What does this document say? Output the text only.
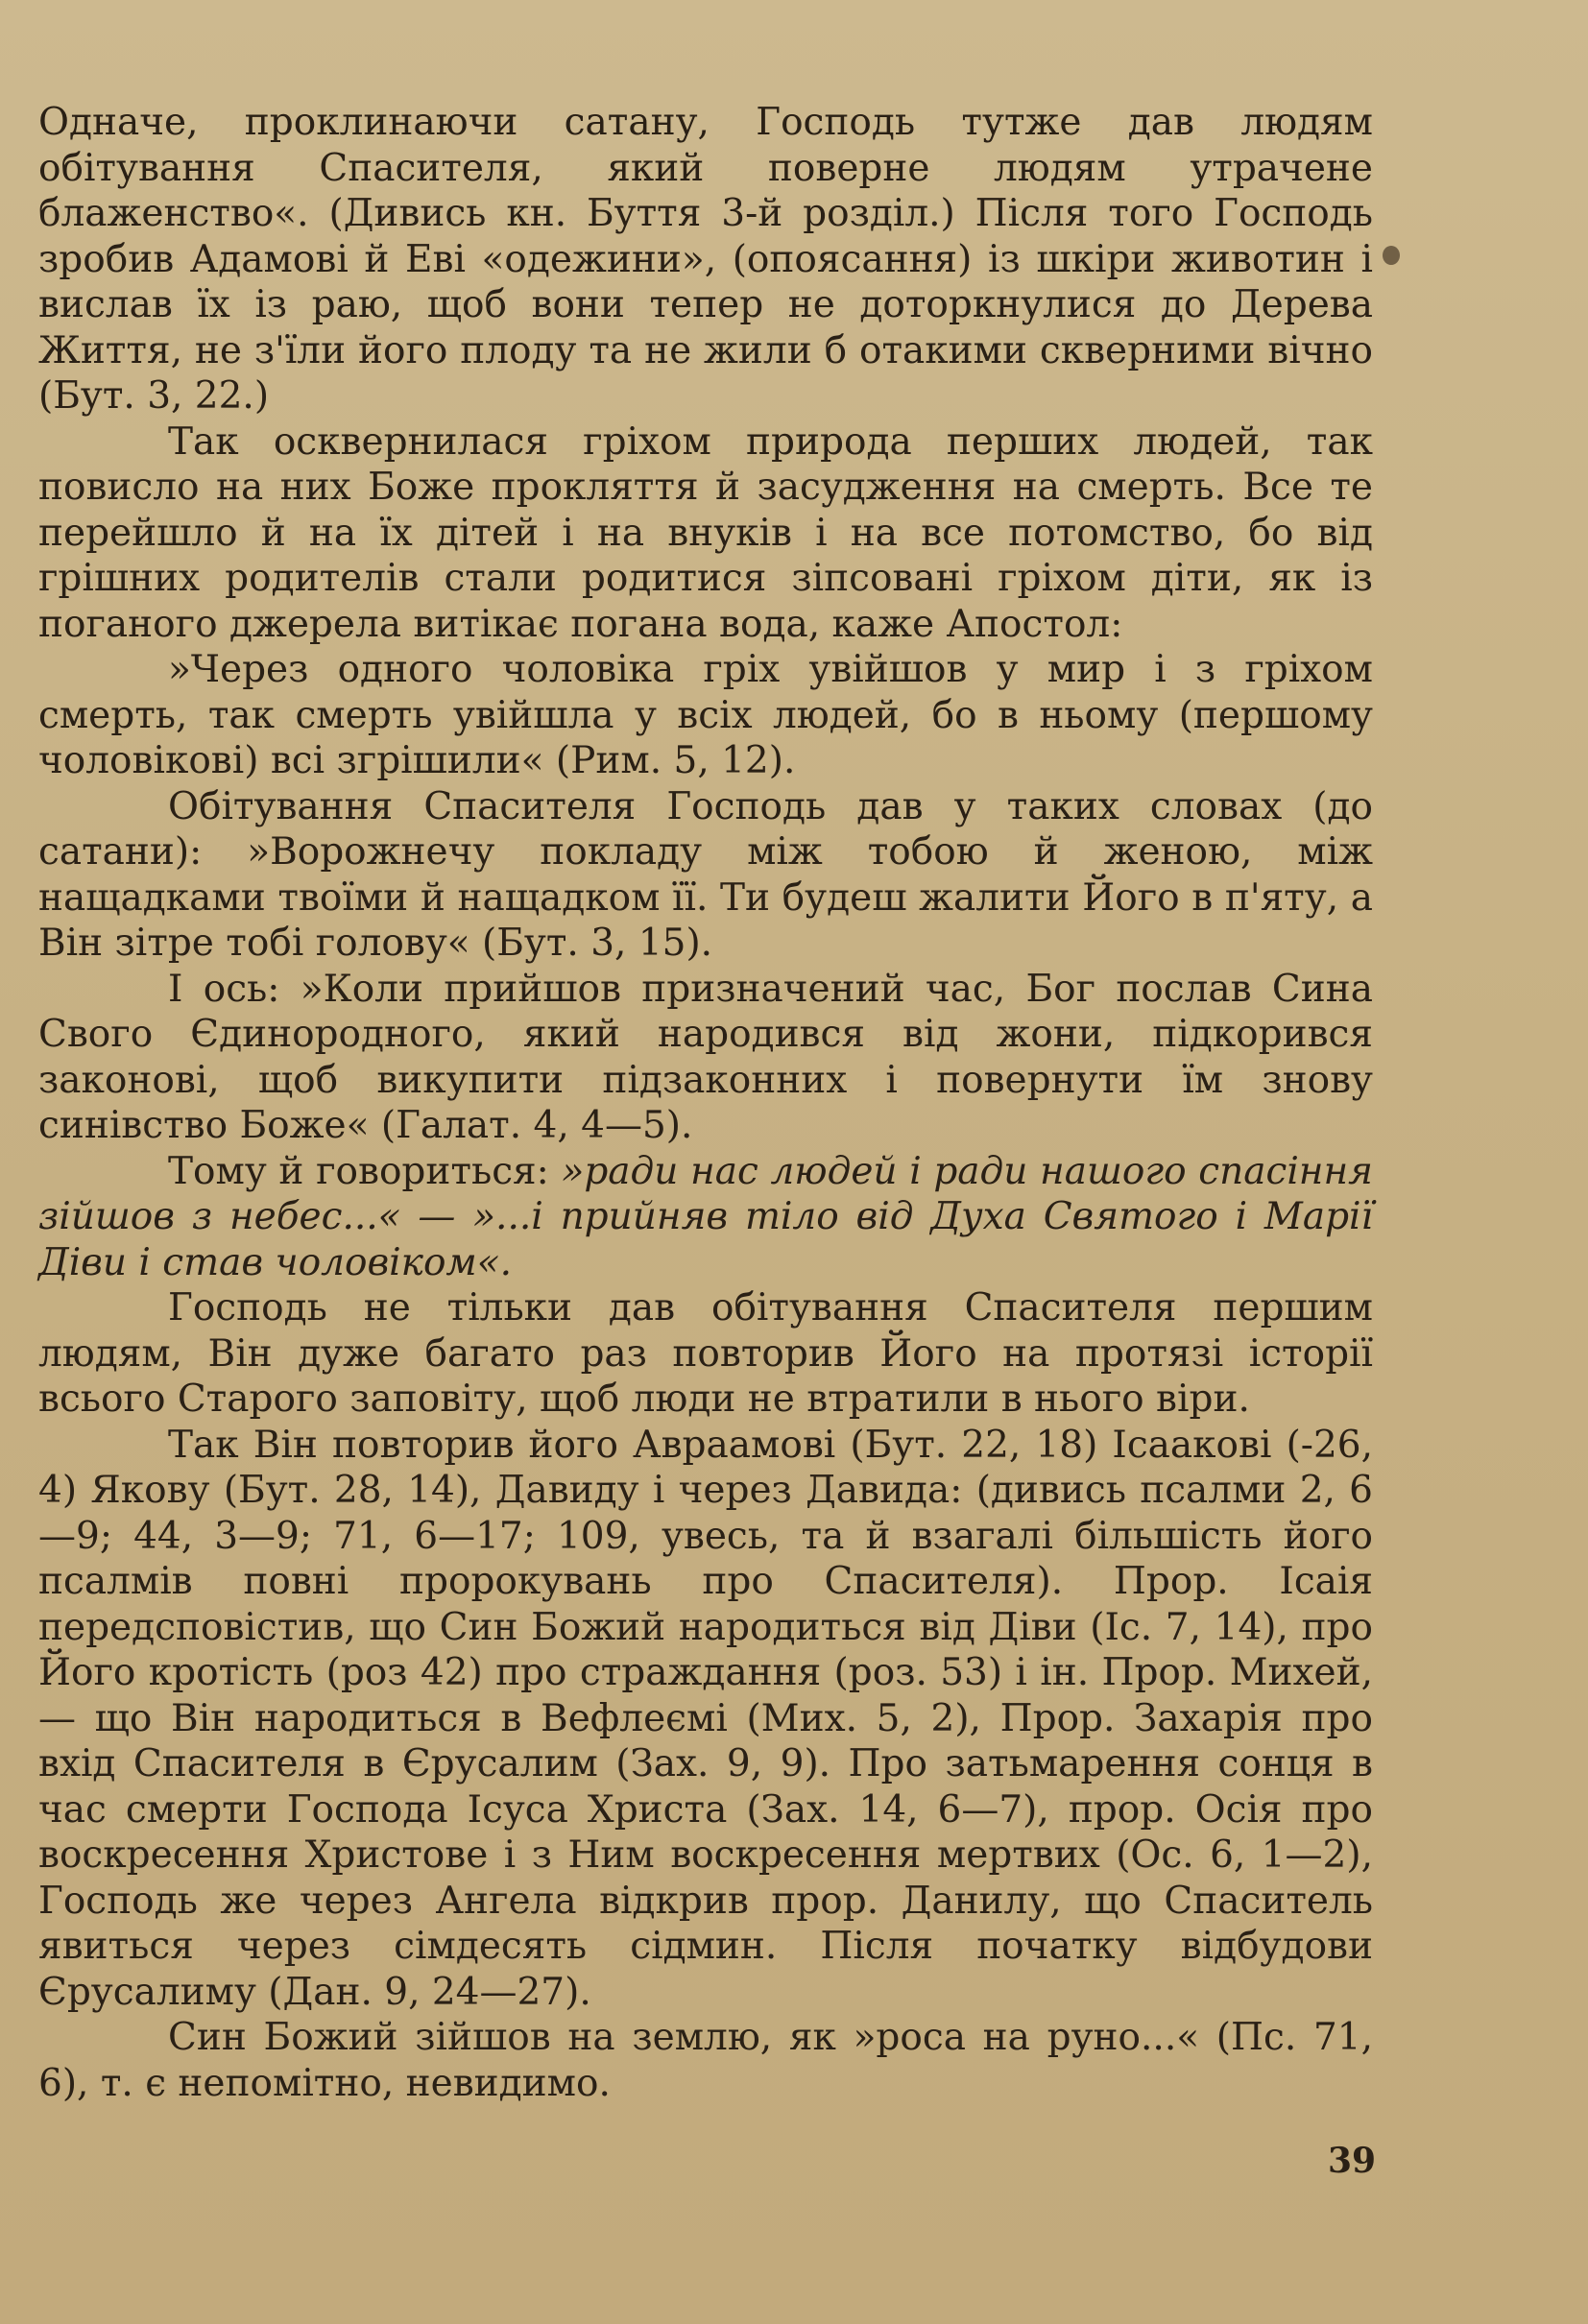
Одначе, проклинаючи сатану, Господь тутже дав людям обітування Спасителя, який поверне людям утрачене блаженство«. (Дивись кн. Буття 3-й розділ.) Після того Господь зробив Адамові й Еві «одежини», (опоясання) із шкіри животин і вислав їх із раю, щоб вони тепер не доторкнулися до Дерева Життя, не з'їли його плоду та не жили б отакими скверними вічно (Бут. 3, 22.)

Так осквернилася гріхом природа перших людей, так повисло на них Боже прокляття й засудження на смерть. Все те перейшло й на їх дітей і на внуків і на все потомство, бо від грішних родителів стали родитися зіпсовані гріхом діти, як із поганого джерела витікає погана вода, каже Апостол:

»Через одного чоловіка гріх увійшов у мир і з гріхом смерть, так смерть увійшла у всіх людей, бо в ньому (першому чоловікові) всі згрішили« (Рим. 5, 12).

Обітування Спасителя Господь дав у таких словах (до сатани): »Ворожнечу покладу між тобою й женою, між нащадками твоїми й нащадком її. Ти будеш жалити Його в п'яту, а Він зітре тобі голову« (Бут. 3, 15).

І ось: »Коли прийшов призначений час, Бог послав Сина Свого Єдинородного, який народився від жони, підкорився законові, щоб викупити підзаконних і повернути їм знову синівство Боже« (Галат. 4, 4—5).

Тому й говориться: »ради нас людей і ради нашого спасіння зійшов з небес...« — »...і прийняв тіло від Духа Святого і Марії Діви і став чоловіком«.

Господь не тільки дав обітування Спасителя першим людям, Він дуже багато раз повторив Його на протязі історії всього Старого заповіту, щоб люди не втратили в нього віри.

Так Він повторив його Авраамові (Бут. 22, 18) Ісаакові (-26, 4) Якову (Бут. 28, 14), Давиду і через Давида: (дивись псалми 2, 6—9; 44, 3—9; 71, 6—17; 109, увесь, та й взагалі більшість його псалмів повні пророкувань про Спасителя). Прор. Ісаія передсповістив, що Син Божий народиться від Діви (Іс. 7, 14), про Його кротість (роз 42) про страждання (роз. 53) і ін. Прор. Михей, — що Він народиться в Вефлеємі (Мих. 5, 2), Прор. Захарія про вхід Спасителя в Єрусалим (Зах. 9, 9). Про затьмарення сонця в час смерти Господа Ісуса Христа (Зах. 14, 6—7), прор. Осія про воскресення Христове і з Ним воскресення мертвих (Ос. 6, 1—2), Господь же через Ангела відкрив прор. Данилу, що Спаситель явиться через сімдесять сідмин. Після початку відбудови Єрусалиму (Дан. 9, 24—27).

Син Божий зійшов на землю, як »роса на руно...« (Пс. 71, 6), т. є непомітно, невидимо.

39
